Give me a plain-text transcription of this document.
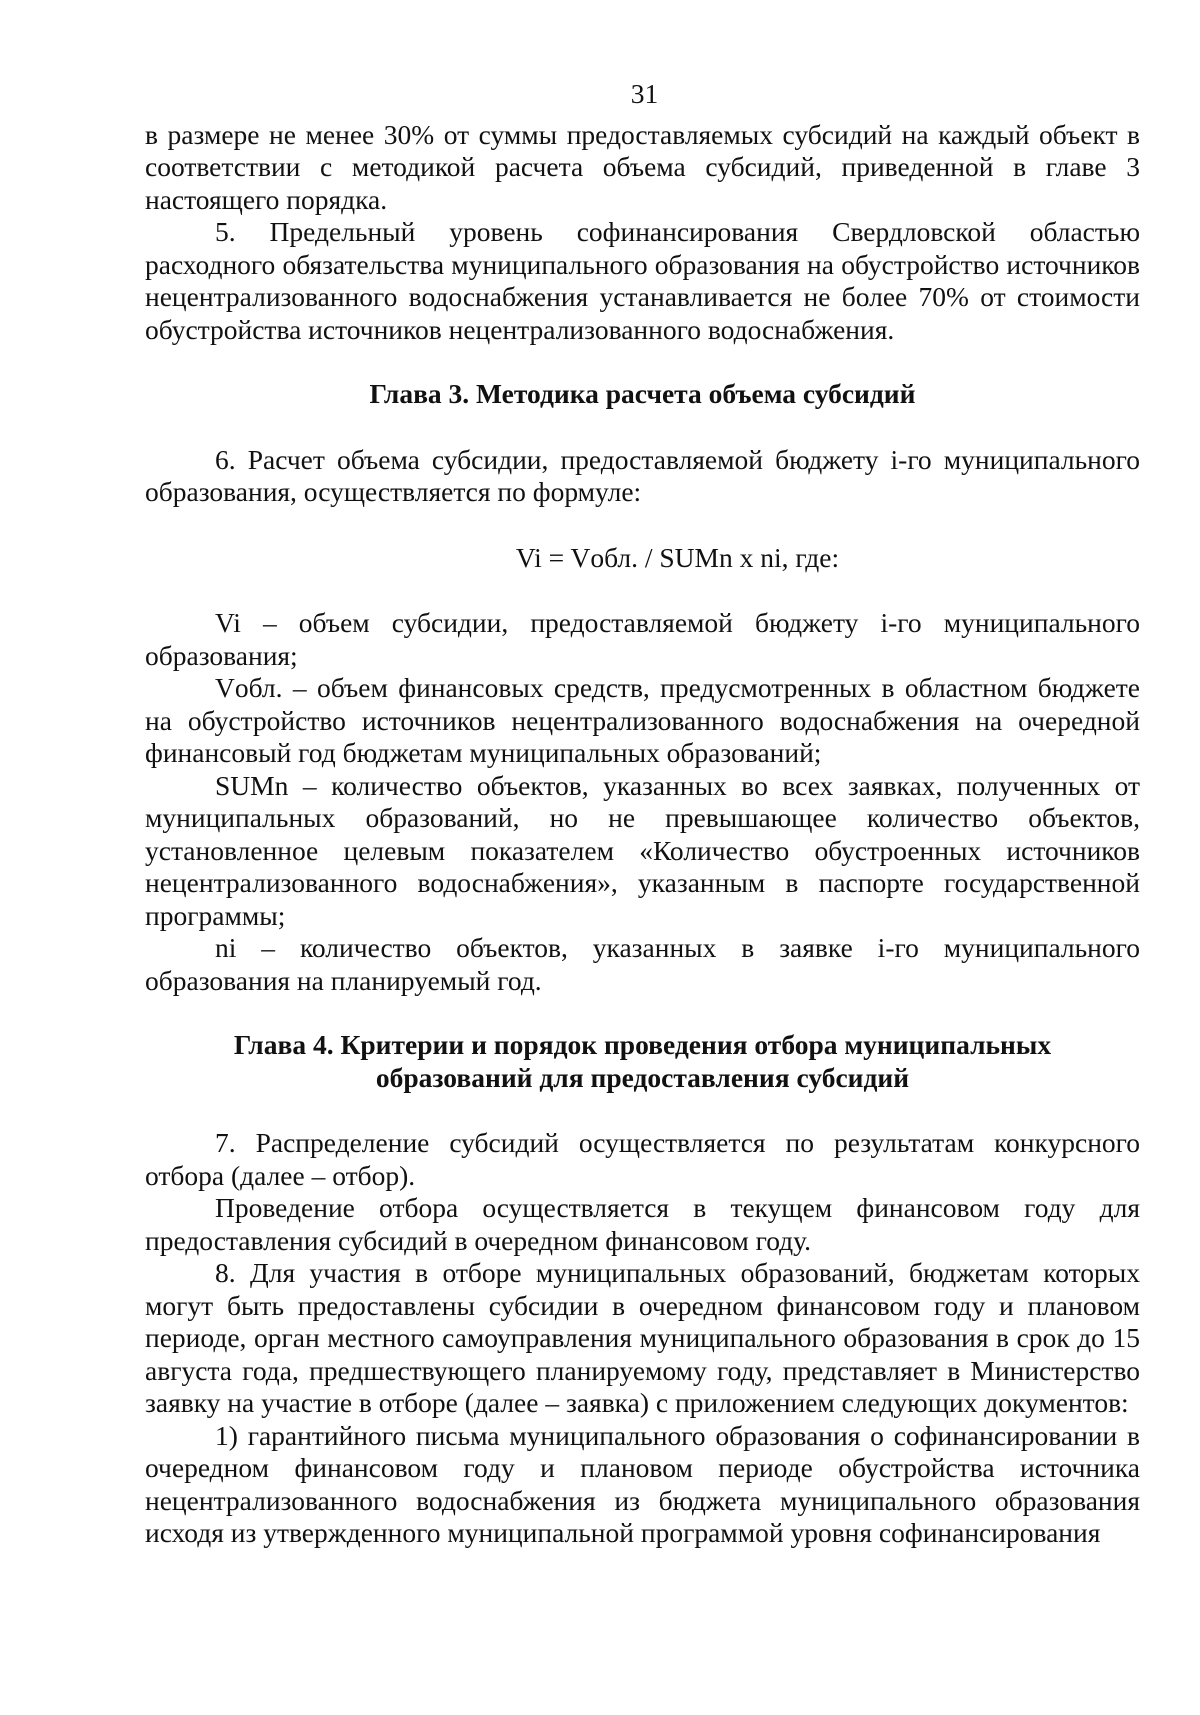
31

в размере не менее 30% от суммы предоставляемых субсидий на каждый объект в соответствии с методикой расчета объема субсидий, приведенной в главе 3 настоящего порядка.

5. Предельный уровень софинансирования Свердловской областью расходного обязательства муниципального образования на обустройство источников нецентрализованного водоснабжения устанавливается не более 70% от стоимости обустройства источников нецентрализованного водоснабжения.

Глава 3. Методика расчета объема субсидий

6. Расчет объема субсидии, предоставляемой бюджету i-го муниципального образования, осуществляется по формуле:

Vi = Vобл. / SUMn x ni, где:

Vi – объем субсидии, предоставляемой бюджету i-го муниципального образования;

Vобл. – объем финансовых средств, предусмотренных в областном бюджете на обустройство источников нецентрализованного водоснабжения на очередной финансовый год бюджетам муниципальных образований;

SUMn – количество объектов, указанных во всех заявках, полученных от муниципальных образований, но не превышающее количество объектов, установленное целевым показателем «Количество обустроенных источников нецентрализованного водоснабжения», указанным в паспорте государственной программы;

ni – количество объектов, указанных в заявке i-го муниципального образования на планируемый год.

Глава 4. Критерии и порядок проведения отбора муниципальных
образований для предоставления субсидий

7. Распределение субсидий осуществляется по результатам конкурсного отбора (далее – отбор).

Проведение отбора осуществляется в текущем финансовом году для предоставления субсидий в очередном финансовом году.

8. Для участия в отборе муниципальных образований, бюджетам которых могут быть предоставлены субсидии в очередном финансовом году и плановом периоде, орган местного самоуправления муниципального образования в срок до 15 августа года, предшествующего планируемому году, представляет в Министерство заявку на участие в отборе (далее – заявка) с приложением следующих документов:

1) гарантийного письма муниципального образования о софинансировании в очередном финансовом году и плановом периоде обустройства источника нецентрализованного водоснабжения из бюджета муниципального образования исходя из утвержденного муниципальной программой уровня софинансирования
